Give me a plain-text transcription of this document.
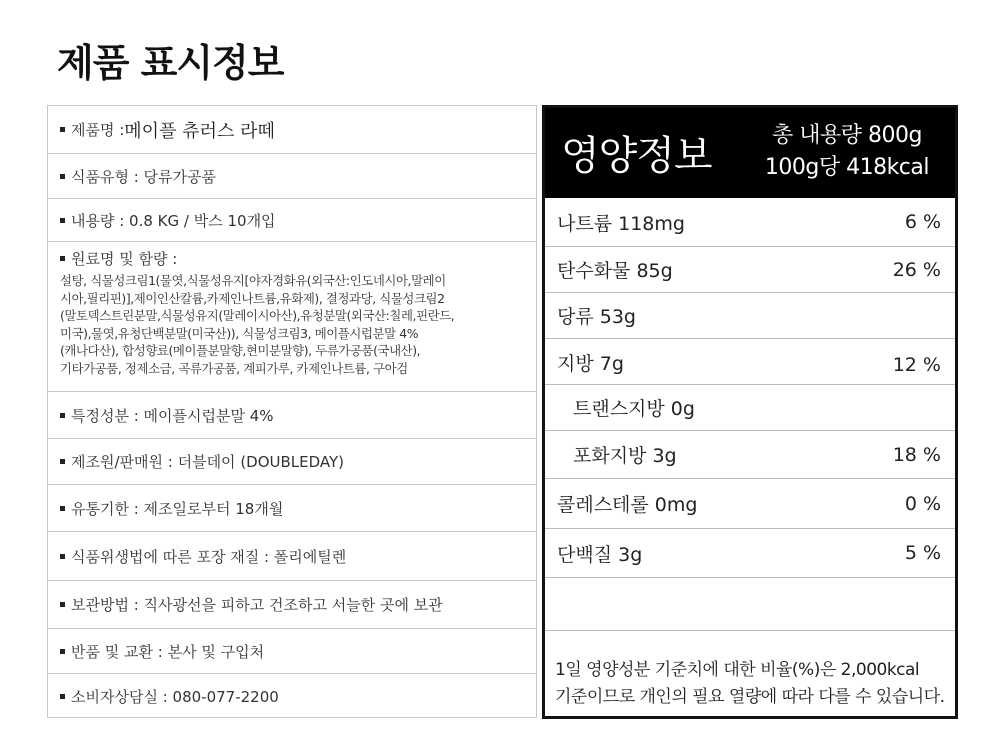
제품 표시정보
제품명 : 메이플 츄러스 라떼
식품유형 : 당류가공품
내용량 : 0.8 KG / 박스 10개입
원료명 및 함량 :
설탕, 식물성크림1(물엿,식물성유지[야자경화유(외국산:인도네시아,말레이
시아,필리핀)],제이인산칼륨,카제인나트륨,유화제), 결정과당, 식물성크림2
(말토덱스트린분말,식물성유지(말레이시아산),유청분말(외국산:칠레,핀란드,
미국),물엿,유청단백분말(미국산)), 식물성크림3, 메이플시럽분말 4%
(캐나다산), 합성향료(메이플분말향,현미분말향), 두류가공품(국내산),
기타가공품, 정제소금, 곡류가공품, 계피가루, 카제인나트륨, 구아검
특정성분 : 메이플시럽분말 4%
제조원/판매원 : 더블데이 (DOUBLEDAY)
유통기한 : 제조일로부터 18개월
식품위생법에 따른 포장 재질 : 폴리에틸렌
보관방법 : 직사광선을 피하고 건조하고 서늘한 곳에 보관
반품 및 교환 : 본사 및 구입처
소비자상담실 : 080-077-2200
영양정보	총 내용량 800g
100g당 418kcal
나트륨 118mg	6 %
탄수화물 85g	26 %
당류 53g
지방 7g	12 %
트랜스지방 0g
포화지방 3g	18 %
콜레스테롤 0mg	0 %
단백질 3g	5 %
1일 영양성분 기준치에 대한 비율(%)은 2,000kcal
기준이므로 개인의 필요 열량에 따라 다를 수 있습니다.
